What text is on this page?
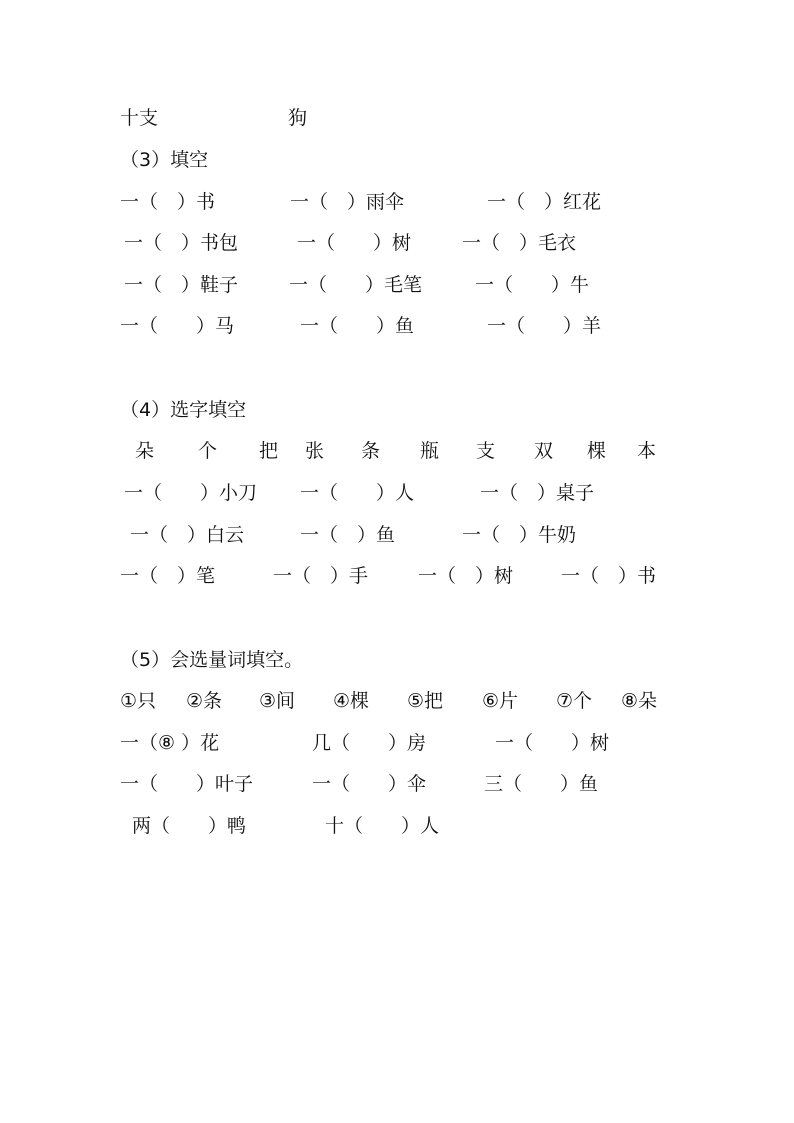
十支	狗
（3）填空
一（　）书	一（　）雨伞	一（　）红花
一（　）书包	一（　　）树	一（　）毛衣
一（　）鞋子	一（　　）毛笔	一（　　）牛
一（　　）马	一（　　）鱼	一（　　）羊
（4）选字填空
朵 个 把 张 条 瓶 支 双 棵 本
一（　　）小刀 一（　　）人	一（　）桌子
一（　）白云	一（　）鱼	一（　）牛奶
一（　）笔	一（　）手	一（　）树	一（　）书
（5）会选量词填空。
①只 ②条 ③间 ④棵 ⑤把 ⑥片 ⑦个 ⑧朵
一（⑧ ）花	几（　　）房	一（　　）树
一（　　）叶子	一（　　）伞	三（　　）鱼
两（　　）鸭	十（　　）人
